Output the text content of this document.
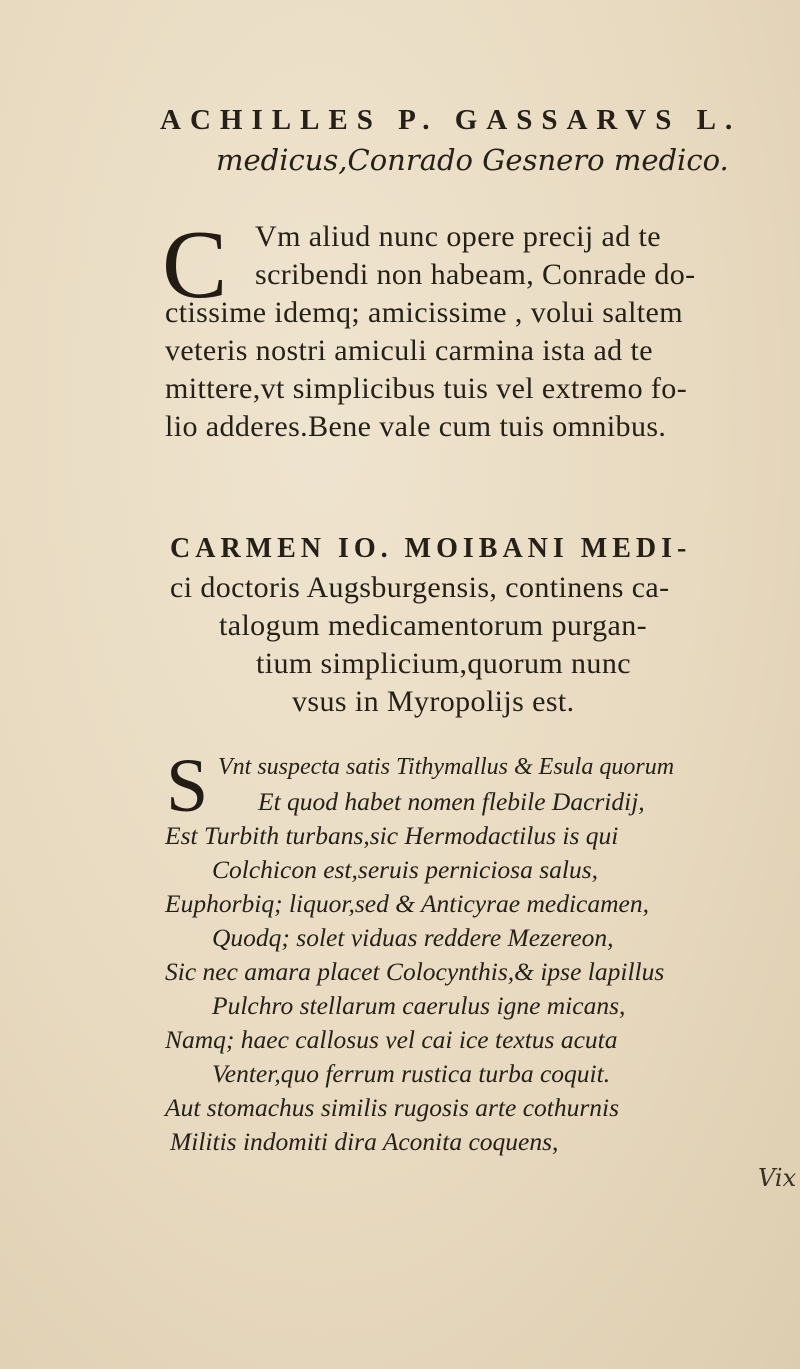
ACHILLES P. GASSARVS L.
medicus,Conrado Gesnero medico.
C Vm aliud nunc opere precij ad te
scribendi non habeam, Conrade do-
ctissime idemq; amicissime , volui saltem
veteris nostri amiculi carmina ista ad te
mittere,vt simplicibus tuis vel extremo fo-
lio adderes.Bene vale cum tuis omnibus.
CARMEN IO. MOIBANI MEDI-
ci doctoris Augsburgensis, continens ca-
talogum medicamentorum purgan-
tium simplicium,quorum nunc
vsus in Myropolijs est.
S Vnt suspecta satis Tithymallus & Esula quorum
Et quod habet nomen flebile Dacridij,
Est Turbith turbans,sic Hermodactilus is qui
Colchicon est,seruis perniciosa salus,
Euphorbiq; liquor,sed & Anticyrae medicamen,
Quodq; solet viduas reddere Mezereon,
Sic nec amara placet Colocynthis,& ipse lapillus
Pulchro stellarum caerulus igne micans,
Namq; haec callosus vel cai ice textus acuta
Venter,quo ferrum rustica turba coquit.
Aut stomachus similis rugosis arte cothurnis
Militis indomiti dira Aconita coquens,
Vix
